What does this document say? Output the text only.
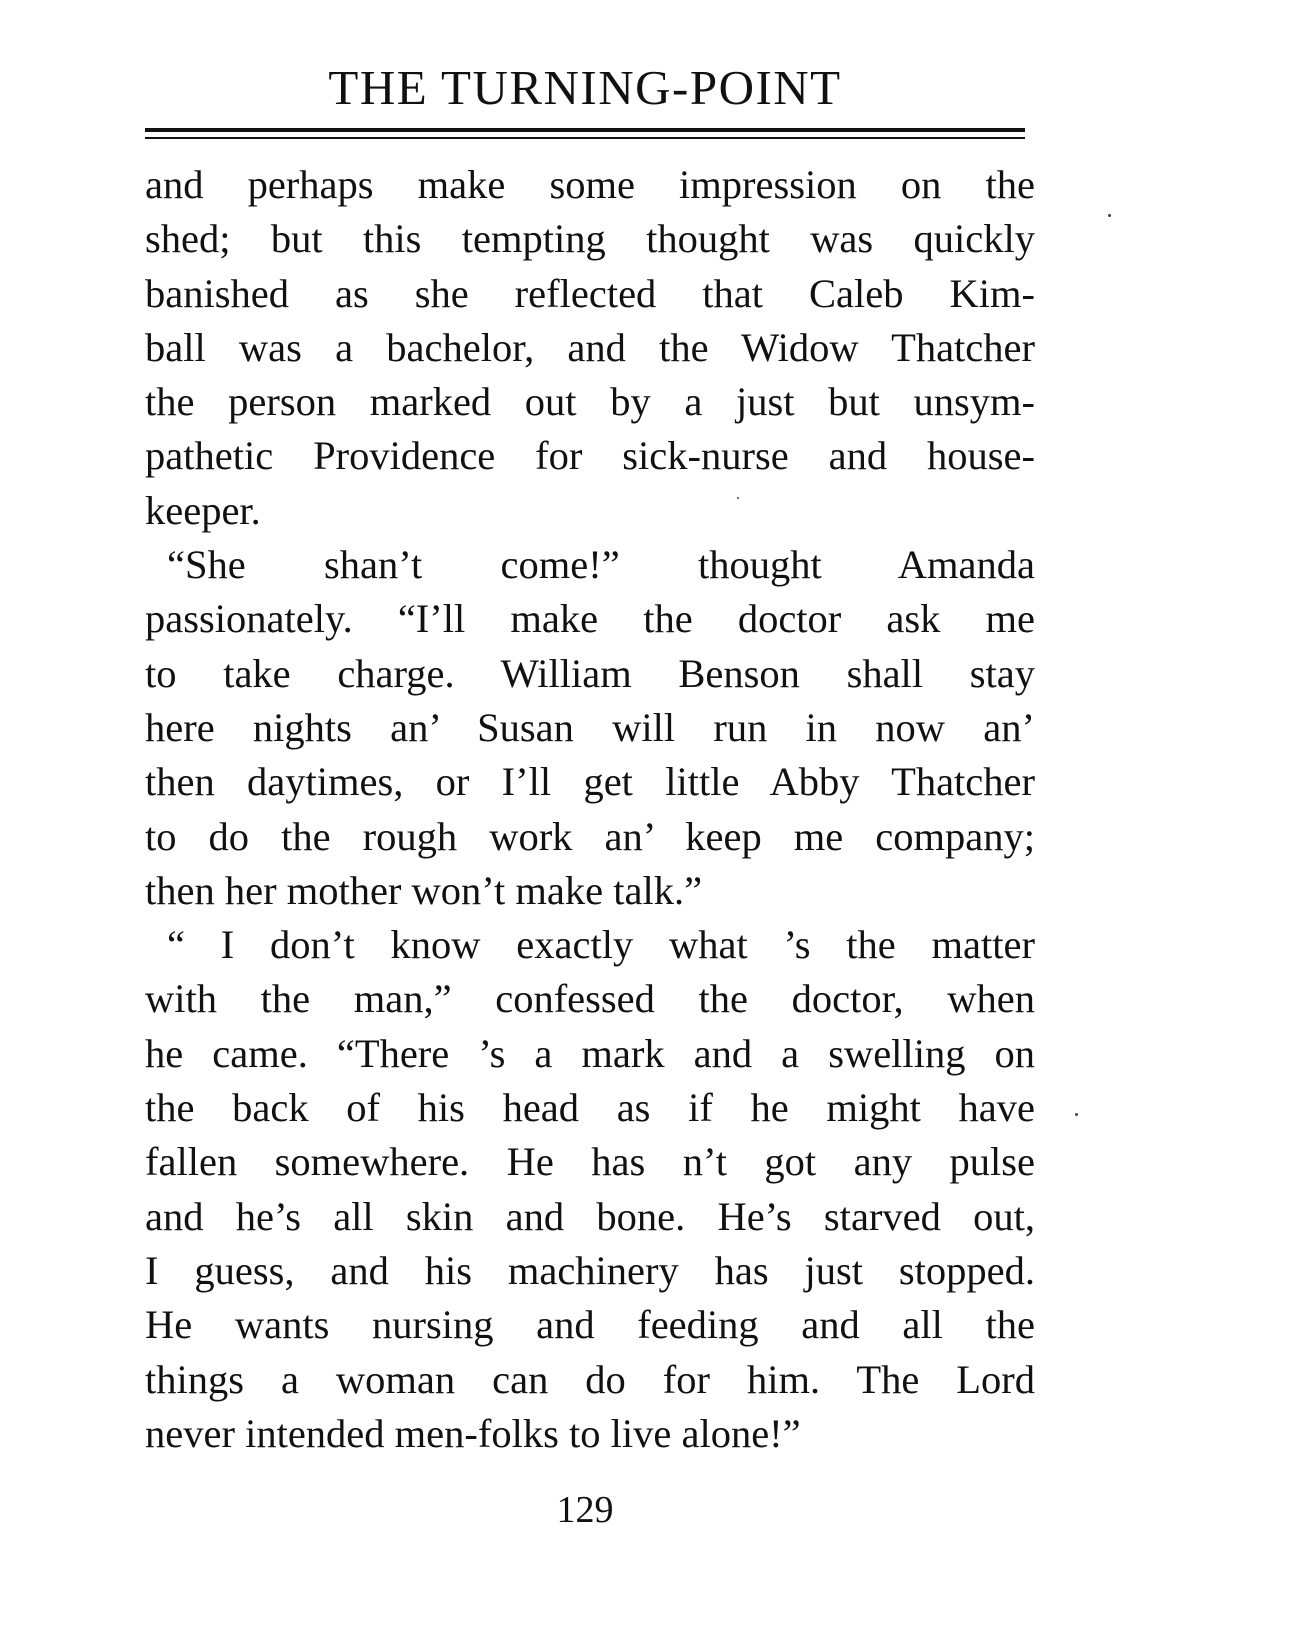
THE TURNING-POINT
and perhaps make some impression on the
shed; but this tempting thought was quickly
banished as she reflected that Caleb Kim-
ball was a bachelor, and the Widow Thatcher
the person marked out by a just but unsym-
pathetic Providence for sick-nurse and house-
keeper.
“She shan’t come!” thought Amanda
passionately. “I’ll make the doctor ask me
to take charge. William Benson shall stay
here nights an’ Susan will run in now an’
then daytimes, or I’ll get little Abby Thatcher
to do the rough work an’ keep me company;
then her mother won’t make talk.”
“ I don’t know exactly what ’s the matter
with the man,” confessed the doctor, when
he came. “There ’s a mark and a swelling on
the back of his head as if he might have
fallen somewhere. He has n’t got any pulse
and he’s all skin and bone. He’s starved out,
I guess, and his machinery has just stopped.
He wants nursing and feeding and all the
things a woman can do for him. The Lord
never intended men-folks to live alone!”
129
